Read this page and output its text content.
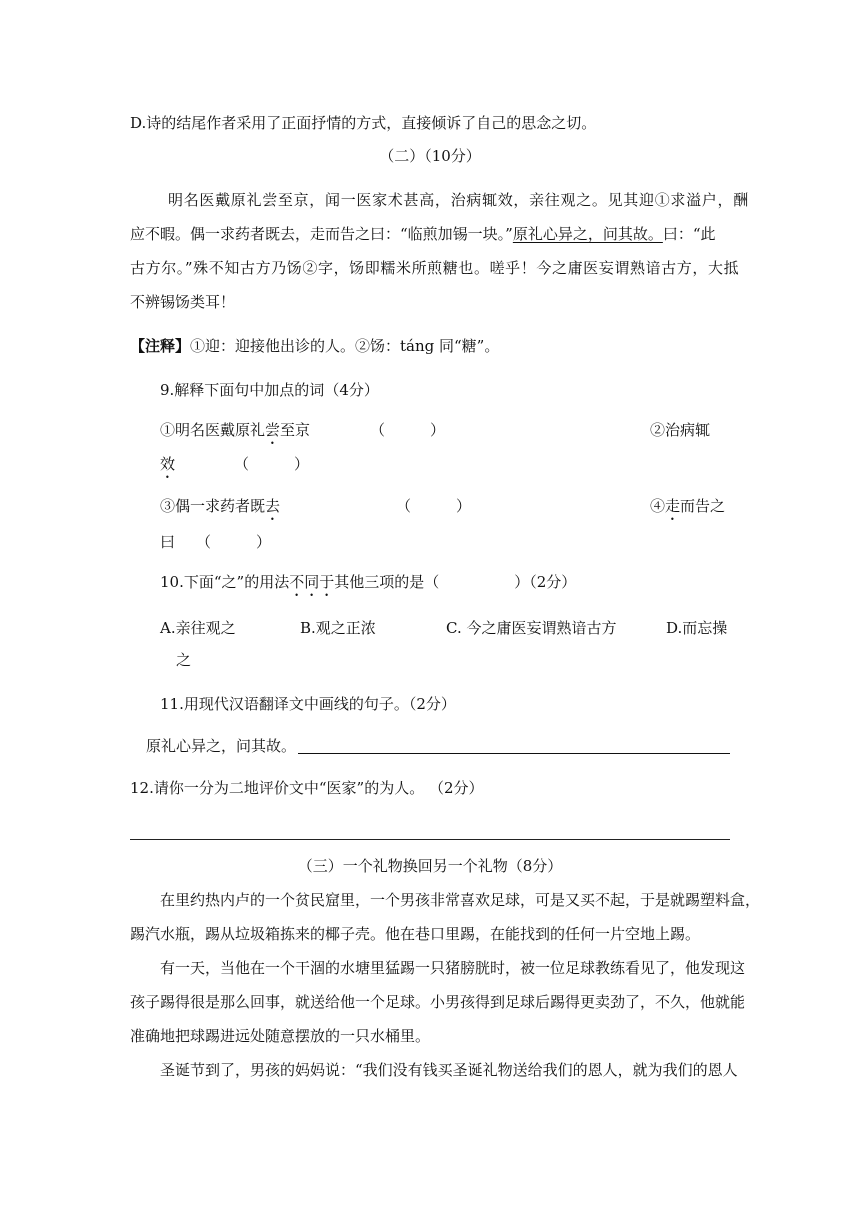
D.诗的结尾作者采用了正面抒情的方式，直接倾诉了自己的思念之切。
（二）（10分）
明名医戴原礼尝至京，闻一医家术甚高，治病辄效，亲往观之。见其迎①求溢户，酬
应不暇。偶一求药者既去，走而告之曰：“临煎加锡一块。”原礼心异之，问其故。曰：“此
古方尔。”殊不知古方乃饧②字，饧即糯米所煎糖也。嗟乎！今之庸医妄谓熟谙古方，大抵
不辨锡饧类耳！
【注释】①迎：迎接他出诊的人。②饧：táng 同“糖”。
9.解释下面句中加点的词（4分）
①明名医戴原礼尝至京	（　　　）	②治病辄
效	（　　　）
③偶一求药者既去	（　　　）	④走而告之
曰 （　　　）
10.下面“之”的用法不同于其他三项的是（　　　　　）（2分）
A.亲往观之	B.观之正浓	C. 今之庸医妄谓熟谙古方	D.而忘操
之
11.用现代汉语翻译文中画线的句子。（2分）
原礼心异之，问其故。
12.请你一分为二地评价文中“医家”的为人。 （2分）
（三）一个礼物换回另一个礼物（8分）
在里约热内卢的一个贫民窟里，一个男孩非常喜欢足球，可是又买不起，于是就踢塑料盒，
踢汽水瓶，踢从垃圾箱拣来的椰子壳。他在巷口里踢，在能找到的任何一片空地上踢。
有一天，当他在一个干涸的水塘里猛踢一只猪膀胱时，被一位足球教练看见了，他发现这
孩子踢得很是那么回事，就送给他一个足球。小男孩得到足球后踢得更卖劲了，不久，他就能
准确地把球踢进远处随意摆放的一只水桶里。
圣诞节到了，男孩的妈妈说：“我们没有钱买圣诞礼物送给我们的恩人，就为我们的恩人
